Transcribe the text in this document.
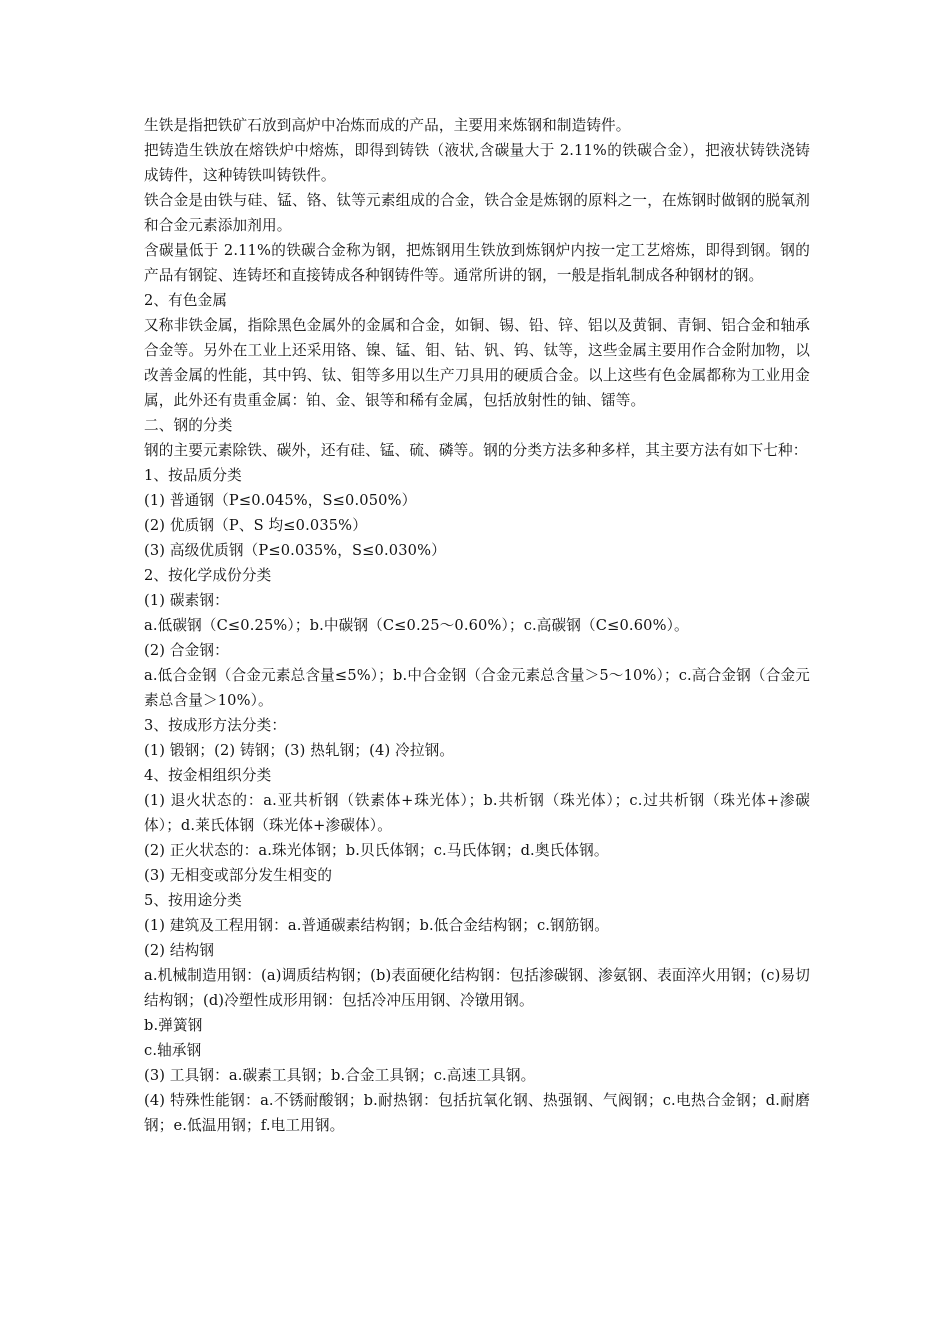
生铁是指把铁矿石放到高炉中冶炼而成的产品，主要用来炼钢和制造铸件。

把铸造生铁放在熔铁炉中熔炼，即得到铸铁（液状,含碳量大于 2.11%的铁碳合金），把液状铸铁浇铸成铸件，这种铸铁叫铸铁件。

铁合金是由铁与硅、锰、铬、钛等元素组成的合金，铁合金是炼钢的原料之一，在炼钢时做钢的脱氧剂和合金元素添加剂用。

含碳量低于 2.11%的铁碳合金称为钢，把炼钢用生铁放到炼钢炉内按一定工艺熔炼，即得到钢。钢的产品有钢锭、连铸坯和直接铸成各种钢铸件等。通常所讲的钢，一般是指轧制成各种钢材的钢。

2、有色金属

又称非铁金属，指除黑色金属外的金属和合金，如铜、锡、铅、锌、铝以及黄铜、青铜、铝合金和轴承合金等。另外在工业上还采用铬、镍、锰、钼、钴、钒、钨、钛等，这些金属主要用作合金附加物，以改善金属的性能，其中钨、钛、钼等多用以生产刀具用的硬质合金。以上这些有色金属都称为工业用金属，此外还有贵重金属：铂、金、银等和稀有金属，包括放射性的铀、镭等。

二、钢的分类

钢的主要元素除铁、碳外，还有硅、锰、硫、磷等。钢的分类方法多种多样，其主要方法有如下七种：

1、按品质分类

(1) 普通钢（P≤0.045%，S≤0.050%）

(2) 优质钢（P、S 均≤0.035%）

(3) 高级优质钢（P≤0.035%，S≤0.030%）

2、按化学成份分类

(1) 碳素钢：

a.低碳钢（C≤0.25%）；b.中碳钢（C≤0.25～0.60%）；c.高碳钢（C≤0.60%）。

(2) 合金钢：

a.低合金钢（合金元素总含量≤5%）；b.中合金钢（合金元素总含量＞5～10%）；c.高合金钢（合金元素总含量＞10%）。

3、按成形方法分类：

(1) 锻钢；(2) 铸钢；(3) 热轧钢；(4) 冷拉钢。

4、按金相组织分类

(1) 退火状态的：a.亚共析钢（铁素体+珠光体）；b.共析钢（珠光体）；c.过共析钢（珠光体+渗碳体）；d.莱氏体钢（珠光体+渗碳体）。

(2) 正火状态的：a.珠光体钢；b.贝氏体钢；c.马氏体钢；d.奥氏体钢。

(3) 无相变或部分发生相变的

5、按用途分类

(1) 建筑及工程用钢：a.普通碳素结构钢；b.低合金结构钢；c.钢筋钢。

(2) 结构钢

a.机械制造用钢：(a)调质结构钢；(b)表面硬化结构钢：包括渗碳钢、渗氨钢、表面淬火用钢；(c)易切结构钢；(d)冷塑性成形用钢：包括冷冲压用钢、冷镦用钢。

b.弹簧钢

c.轴承钢

(3) 工具钢：a.碳素工具钢；b.合金工具钢；c.高速工具钢。

(4) 特殊性能钢：a.不锈耐酸钢；b.耐热钢：包括抗氧化钢、热强钢、气阀钢；c.电热合金钢；d.耐磨钢；e.低温用钢；f.电工用钢。
